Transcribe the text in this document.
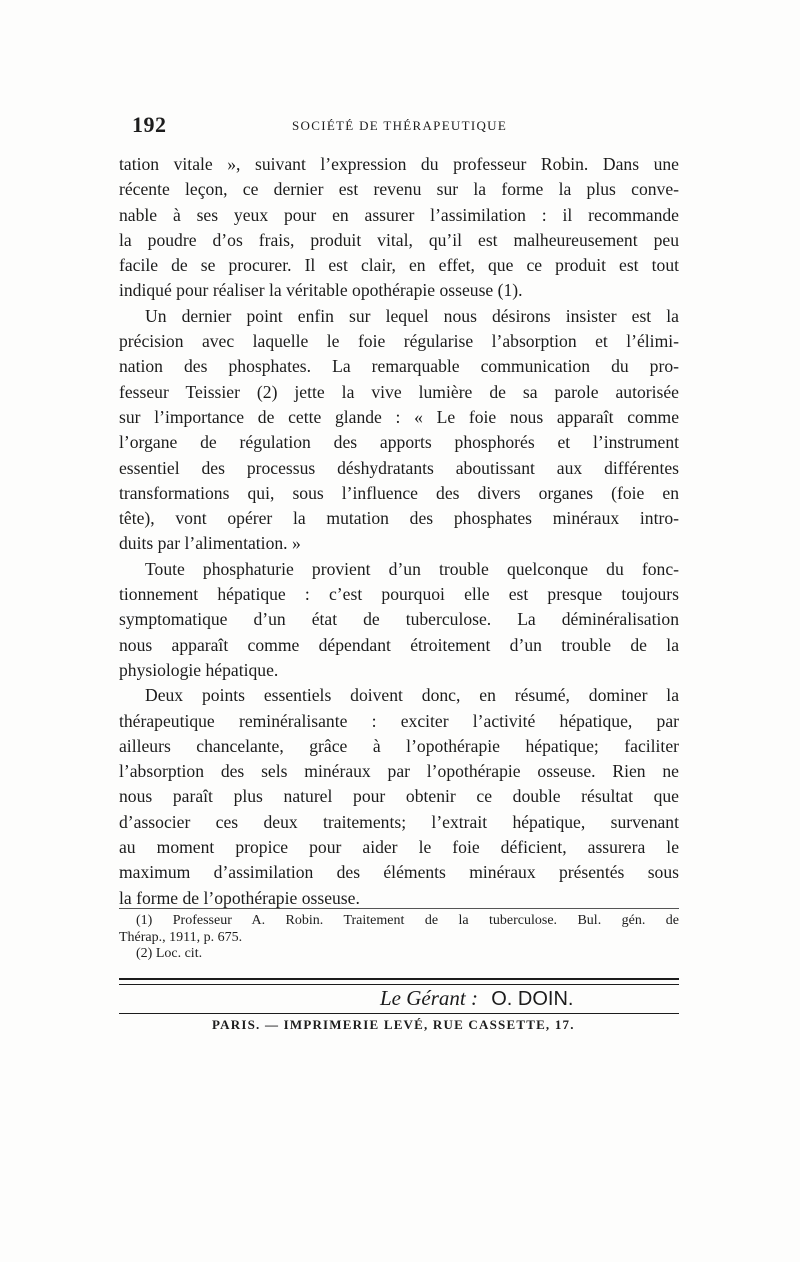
192	SOCIÉTÉ DE THÉRAPEUTIQUE
tation vitale », suivant l’expression du professeur Robin. Dans une
récente leçon, ce dernier est revenu sur la forme la plus conve-
nable à ses yeux pour en assurer l’assimilation : il recommande
la poudre d’os frais, produit vital, qu’il est malheureusement peu
facile de se procurer. Il est clair, en effet, que ce produit est tout
indiqué pour réaliser la véritable opothérapie osseuse (1).
Un dernier point enfin sur lequel nous désirons insister est la
précision avec laquelle le foie régularise l’absorption et l’élimi-
nation des phosphates. La remarquable communication du pro-
fesseur Teissier (2) jette la vive lumière de sa parole autorisée
sur l’importance de cette glande : « Le foie nous apparaît comme
l’organe de régulation des apports phosphorés et l’instrument
essentiel des processus déshydratants aboutissant aux différentes
transformations qui, sous l’influence des divers organes (foie en
tête), vont opérer la mutation des phosphates minéraux intro-
duits par l’alimentation. »
Toute phosphaturie provient d’un trouble quelconque du fonc-
tionnement hépatique : c’est pourquoi elle est presque toujours
symptomatique d’un état de tuberculose. La déminéralisation
nous apparaît comme dépendant étroitement d’un trouble de la
physiologie hépatique.
Deux points essentiels doivent donc, en résumé, dominer la
thérapeutique reminéralisante : exciter l’activité hépatique, par
ailleurs chancelante, grâce à l’opothérapie hépatique; faciliter
l’absorption des sels minéraux par l’opothérapie osseuse. Rien ne
nous paraît plus naturel pour obtenir ce double résultat que
d’associer ces deux traitements; l’extrait hépatique, survenant
au moment propice pour aider le foie déficient, assurera le
maximum d’assimilation des éléments minéraux présentés sous
la forme de l’opothérapie osseuse.
(1) Professeur A. Robin. Traitement de la tuberculose. Bul. gén. de
Thérap., 1911, p. 675.
(2) Loc. cit.
Le Gérant : O. DOIN.
PARIS. — IMPRIMERIE LEVÉ, RUE CASSETTE, 17.
